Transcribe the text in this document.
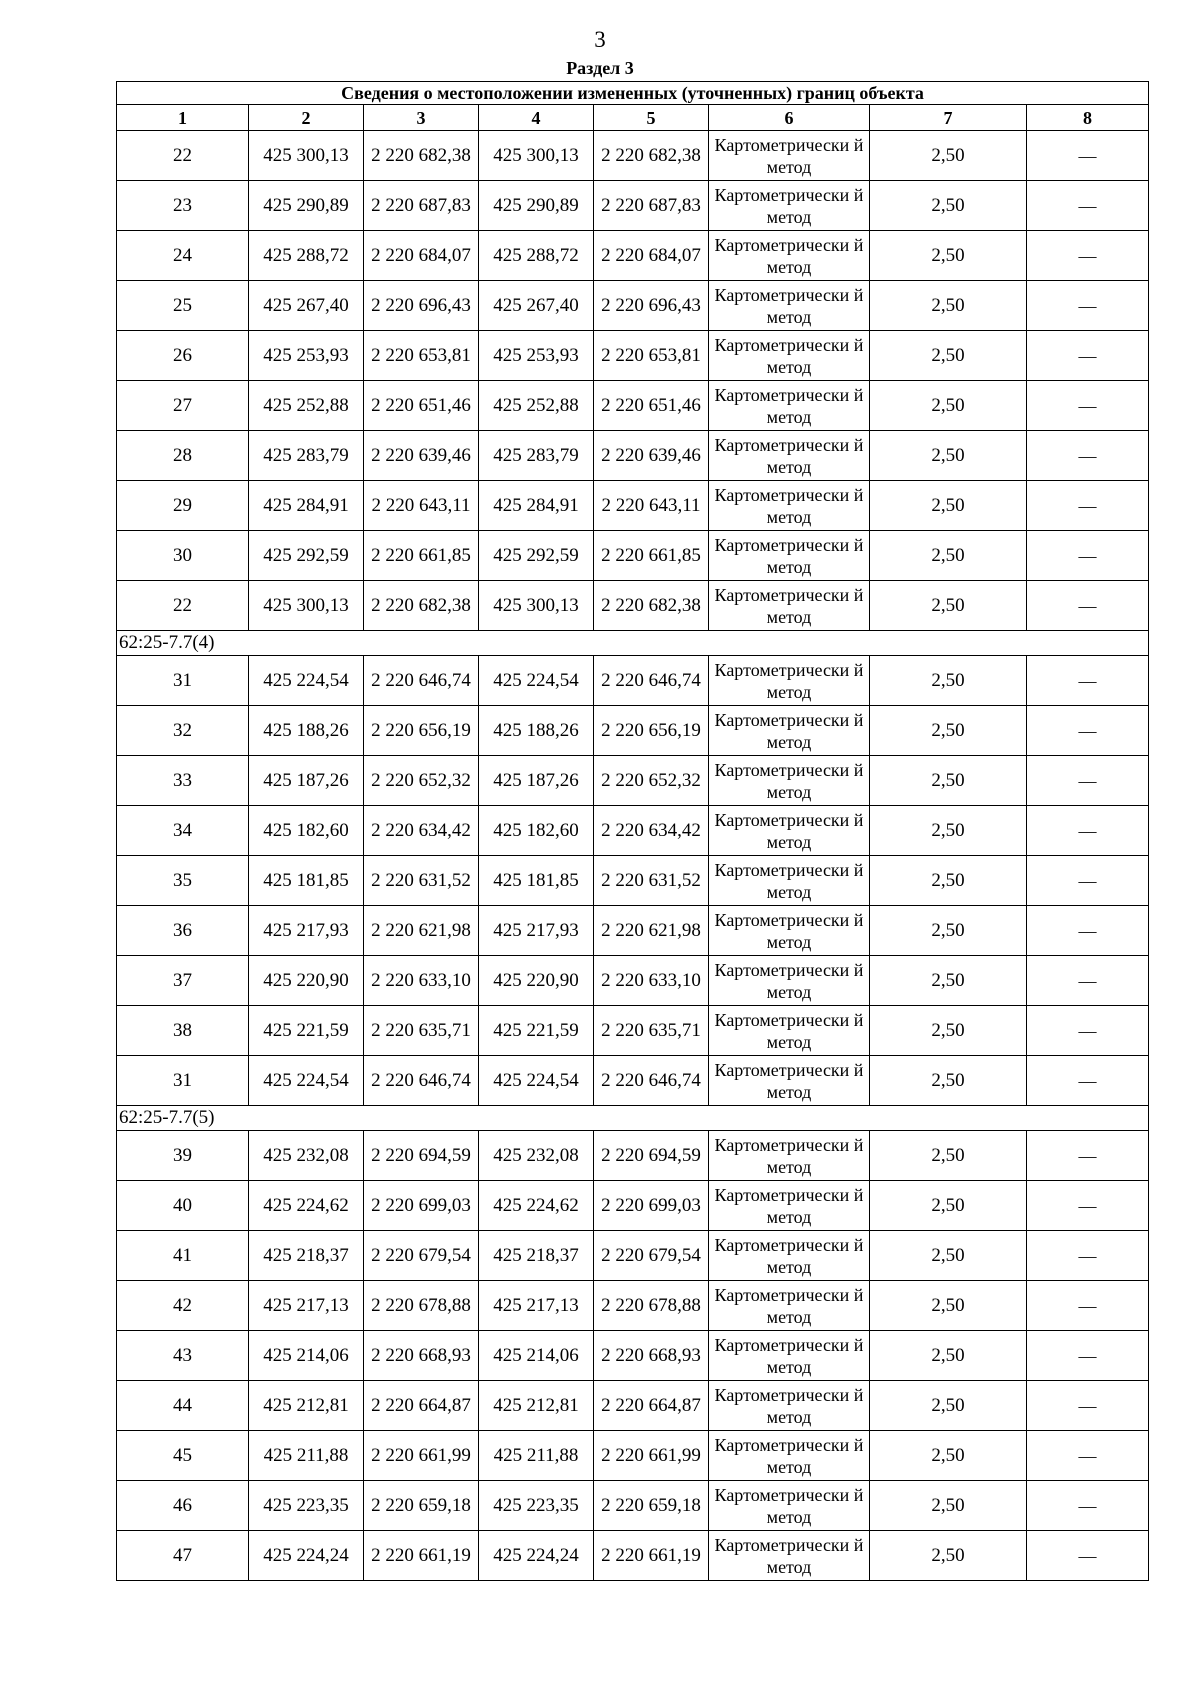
3
Раздел 3
Сведения о местоположении измененных (уточненных) границ объекта							
1	2	3	4	5	6	7	8
22	425 300,13	2 220 682,38	425 300,13	2 220 682,38	Картометрически й метод	2,50	—
23	425 290,89	2 220 687,83	425 290,89	2 220 687,83	Картометрически й метод	2,50	—
24	425 288,72	2 220 684,07	425 288,72	2 220 684,07	Картометрически й метод	2,50	—
25	425 267,40	2 220 696,43	425 267,40	2 220 696,43	Картометрически й метод	2,50	—
26	425 253,93	2 220 653,81	425 253,93	2 220 653,81	Картометрически й метод	2,50	—
27	425 252,88	2 220 651,46	425 252,88	2 220 651,46	Картометрически й метод	2,50	—
28	425 283,79	2 220 639,46	425 283,79	2 220 639,46	Картометрически й метод	2,50	—
29	425 284,91	2 220 643,11	425 284,91	2 220 643,11	Картометрически й метод	2,50	—
30	425 292,59	2 220 661,85	425 292,59	2 220 661,85	Картометрически й метод	2,50	—
22	425 300,13	2 220 682,38	425 300,13	2 220 682,38	Картометрически й метод	2,50	—
62:25-7.7(4)							
31	425 224,54	2 220 646,74	425 224,54	2 220 646,74	Картометрически й метод	2,50	—
32	425 188,26	2 220 656,19	425 188,26	2 220 656,19	Картометрически й метод	2,50	—
33	425 187,26	2 220 652,32	425 187,26	2 220 652,32	Картометрически й метод	2,50	—
34	425 182,60	2 220 634,42	425 182,60	2 220 634,42	Картометрически й метод	2,50	—
35	425 181,85	2 220 631,52	425 181,85	2 220 631,52	Картометрически й метод	2,50	—
36	425 217,93	2 220 621,98	425 217,93	2 220 621,98	Картометрически й метод	2,50	—
37	425 220,90	2 220 633,10	425 220,90	2 220 633,10	Картометрически й метод	2,50	—
38	425 221,59	2 220 635,71	425 221,59	2 220 635,71	Картометрически й метод	2,50	—
31	425 224,54	2 220 646,74	425 224,54	2 220 646,74	Картометрически й метод	2,50	—
62:25-7.7(5)							
39	425 232,08	2 220 694,59	425 232,08	2 220 694,59	Картометрически й метод	2,50	—
40	425 224,62	2 220 699,03	425 224,62	2 220 699,03	Картометрически й метод	2,50	—
41	425 218,37	2 220 679,54	425 218,37	2 220 679,54	Картометрически й метод	2,50	—
42	425 217,13	2 220 678,88	425 217,13	2 220 678,88	Картометрически й метод	2,50	—
43	425 214,06	2 220 668,93	425 214,06	2 220 668,93	Картометрически й метод	2,50	—
44	425 212,81	2 220 664,87	425 212,81	2 220 664,87	Картометрически й метод	2,50	—
45	425 211,88	2 220 661,99	425 211,88	2 220 661,99	Картометрически й метод	2,50	—
46	425 223,35	2 220 659,18	425 223,35	2 220 659,18	Картометрически й метод	2,50	—
47	425 224,24	2 220 661,19	425 224,24	2 220 661,19	Картометрически й метод	2,50	—
